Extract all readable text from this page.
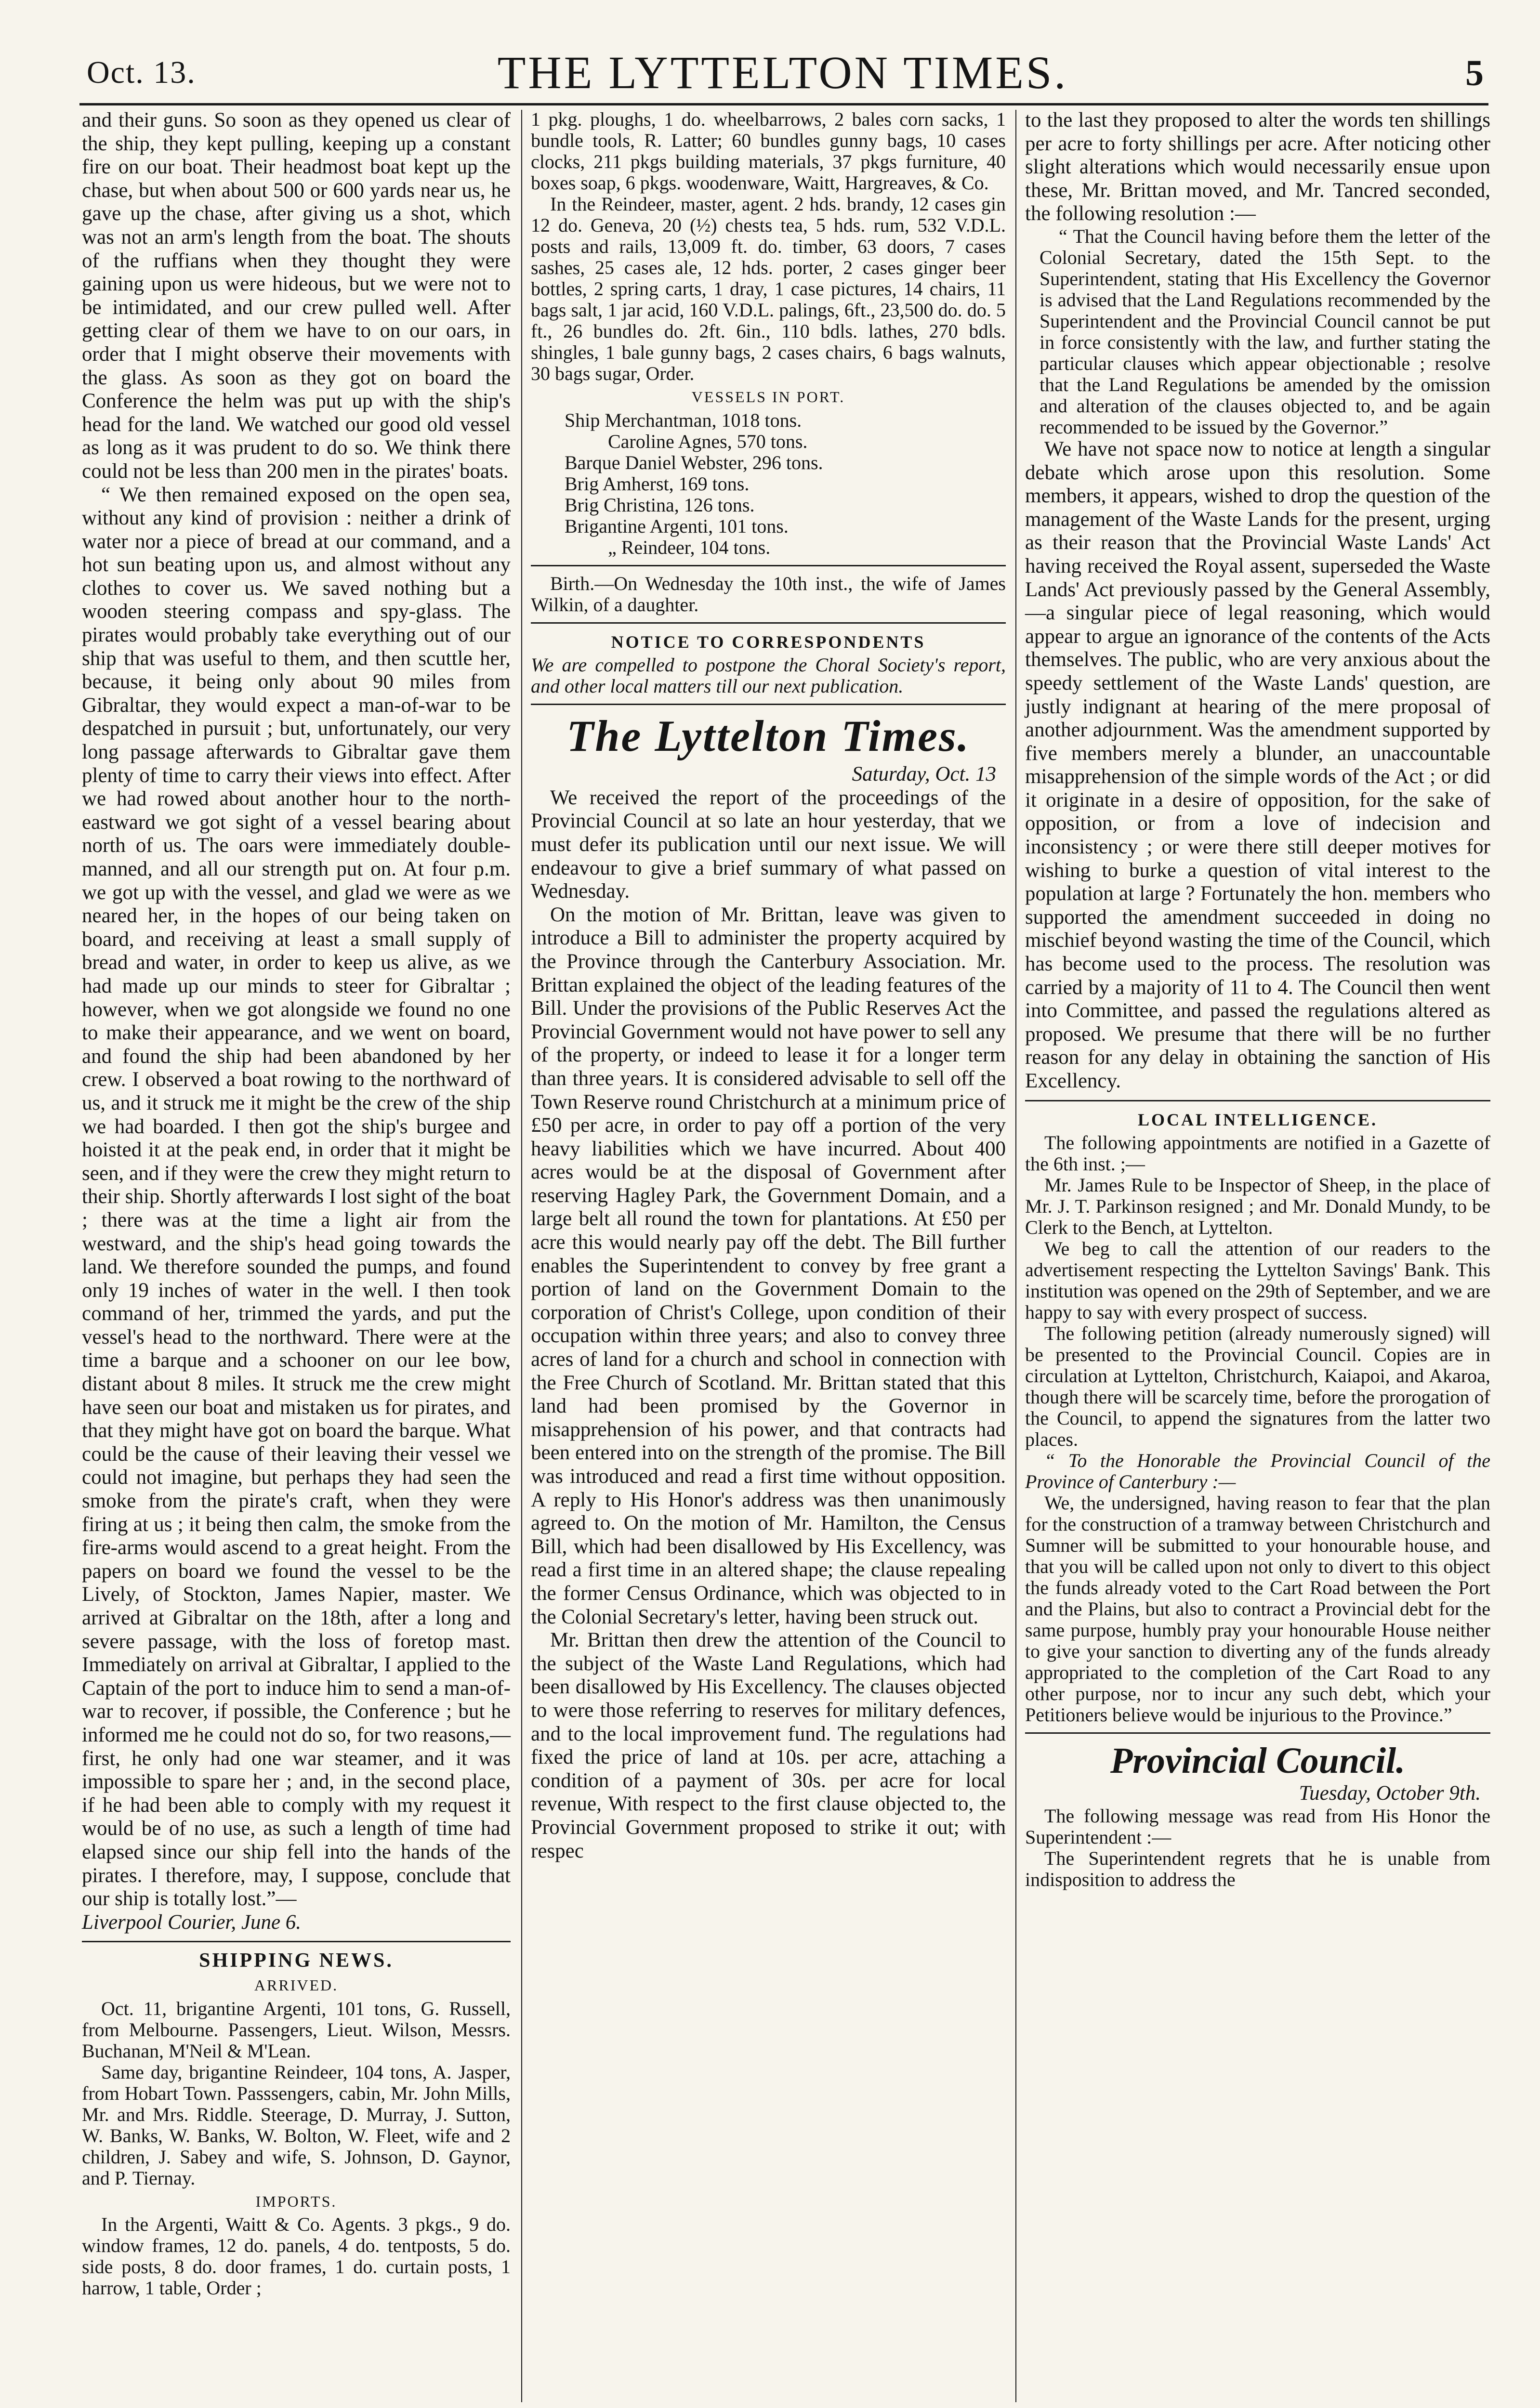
Oct. 13.	THE LYTTELTON TIMES.	5

and their guns. So soon as they opened us clear of the ship, they kept pulling, keeping up a constant fire on our boat. Their headmost boat kept up the chase, but when about 500 or 600 yards near us, he gave up the chase, after giving us a shot, which was not an arm's length from the boat. The shouts of the ruffians when they thought they were gaining upon us were hideous, but we were not to be intimidated, and our crew pulled well. After getting clear of them we have to on our oars, in order that I might observe their movements with the glass. As soon as they got on board the Conference the helm was put up with the ship's head for the land. We watched our good old vessel as long as it was prudent to do so. We think there could not be less than 200 men in the pirates' boats.

“ We then remained exposed on the open sea, without any kind of provision : neither a drink of water nor a piece of bread at our command, and a hot sun beating upon us, and almost without any clothes to cover us. We saved nothing but a wooden steering compass and spy-glass. The pirates would probably take everything out of our ship that was useful to them, and then scuttle her, because, it being only about 90 miles from Gibraltar, they would expect a man-of-war to be despatched in pursuit ; but, unfortunately, our very long passage afterwards to Gibraltar gave them plenty of time to carry their views into effect. After we had rowed about another hour to the north-eastward we got sight of a vessel bearing about north of us. The oars were immediately double-manned, and all our strength put on. At four p.m. we got up with the vessel, and glad we were as we neared her, in the hopes of our being taken on board, and receiving at least a small supply of bread and water, in order to keep us alive, as we had made up our minds to steer for Gibraltar ; however, when we got alongside we found no one to make their appearance, and we went on board, and found the ship had been abandoned by her crew. I observed a boat rowing to the northward of us, and it struck me it might be the crew of the ship we had boarded. I then got the ship's burgee and hoisted it at the peak end, in order that it might be seen, and if they were the crew they might return to their ship. Shortly afterwards I lost sight of the boat ; there was at the time a light air from the westward, and the ship's head going towards the land. We therefore sounded the pumps, and found only 19 inches of water in the well. I then took command of her, trimmed the yards, and put the vessel's head to the northward. There were at the time a barque and a schooner on our lee bow, distant about 8 miles. It struck me the crew might have seen our boat and mistaken us for pirates, and that they might have got on board the barque. What could be the cause of their leaving their vessel we could not imagine, but perhaps they had seen the smoke from the pirate's craft, when they were firing at us ; it being then calm, the smoke from the fire-arms would ascend to a great height. From the papers on board we found the vessel to be the Lively, of Stockton, James Napier, master. We arrived at Gibraltar on the 18th, after a long and severe passage, with the loss of foretop mast. Immediately on arrival at Gibraltar, I applied to the Captain of the port to induce him to send a man-of-war to recover, if possible, the Conference ; but he informed me he could not do so, for two reasons,—first, he only had one war steamer, and it was impossible to spare her ; and, in the second place, if he had been able to comply with my request it would be of no use, as such a length of time had elapsed since our ship fell into the hands of the pirates. I therefore, may, I suppose, conclude that our ship is totally lost.”—

Liverpool Courier, June 6.

SHIPPING NEWS.
ARRIVED.

Oct. 11, brigantine Argenti, 101 tons, G. Russell, from Melbourne. Passengers, Lieut. Wilson, Messrs. Buchanan, M'Neil & M'Lean.

Same day, brigantine Reindeer, 104 tons, A. Jasper, from Hobart Town. Passsengers, cabin, Mr. John Mills, Mr. and Mrs. Riddle. Steerage, D. Murray, J. Sutton, W. Banks, W. Banks, W. Bolton, W. Fleet, wife and 2 children, J. Sabey and wife, S. Johnson, D. Gaynor, and P. Tiernay.

IMPORTS.

In the Argenti, Waitt & Co. Agents. 3 pkgs., 9 do. window frames, 12 do. panels, 4 do. tentposts, 5 do. side posts, 8 do. door frames, 1 do. curtain posts, 1 harrow, 1 table, Order ;

1 pkg. ploughs, 1 do. wheelbarrows, 2 bales corn sacks, 1 bundle tools, R. Latter; 60 bundles gunny bags, 10 cases clocks, 211 pkgs building materials, 37 pkgs furniture, 40 boxes soap, 6 pkgs. woodenware, Waitt, Hargreaves, & Co.

In the Reindeer, master, agent. 2 hds. brandy, 12 cases gin 12 do. Geneva, 20 (½) chests tea, 5 hds. rum, 532 V.D.L. posts and rails, 13,009 ft. do. timber, 63 doors, 7 cases sashes, 25 cases ale, 12 hds. porter, 2 cases ginger beer bottles, 2 spring carts, 1 dray, 1 case pictures, 14 chairs, 11 bags salt, 1 jar acid, 160 V.D.L. palings, 6ft., 23,500 do. do. 5 ft., 26 bundles do. 2ft. 6in., 110 bdls. lathes, 270 bdls. shingles, 1 bale gunny bags, 2 cases chairs, 6 bags walnuts, 30 bags sugar, Order.

VESSELS IN PORT.

Ship Merchantman, 1018 tons.

Caroline Agnes, 570 tons.

Barque Daniel Webster, 296 tons.

Brig Amherst, 169 tons.

Brig Christina, 126 tons.

Brigantine Argenti, 101 tons.

„ Reindeer, 104 tons.

Birth.—On Wednesday the 10th inst., the wife of James Wilkin, of a daughter.

NOTICE TO CORRESPONDENTS

We are compelled to postpone the Choral Society's report, and other local matters till our next publication.

The Lyttelton Times.

Saturday, Oct. 13

We received the report of the proceedings of the Provincial Council at so late an hour yesterday, that we must defer its publication until our next issue. We will endeavour to give a brief summary of what passed on Wednesday.

On the motion of Mr. Brittan, leave was given to introduce a Bill to administer the property acquired by the Province through the Canterbury Association. Mr. Brittan explained the object of the leading features of the Bill. Under the provisions of the Public Reserves Act the Provincial Government would not have power to sell any of the property, or indeed to lease it for a longer term than three years. It is considered advisable to sell off the Town Reserve round Christchurch at a minimum price of £50 per acre, in order to pay off a portion of the very heavy liabilities which we have incurred. About 400 acres would be at the disposal of Government after reserving Hagley Park, the Government Domain, and a large belt all round the town for plantations. At £50 per acre this would nearly pay off the debt. The Bill further enables the Superintendent to convey by free grant a portion of land on the Government Domain to the corporation of Christ's College, upon condition of their occupation within three years; and also to convey three acres of land for a church and school in connection with the Free Church of Scotland. Mr. Brittan stated that this land had been promised by the Governor in misapprehension of his power, and that contracts had been entered into on the strength of the promise. The Bill was introduced and read a first time without opposition. A reply to His Honor's address was then unanimously agreed to. On the motion of Mr. Hamilton, the Census Bill, which had been disallowed by His Excellency, was read a first time in an altered shape; the clause repealing the former Census Ordinance, which was objected to in the Colonial Secretary's letter, having been struck out.

Mr. Brittan then drew the attention of the Council to the subject of the Waste Land Regulations, which had been disallowed by His Excellency. The clauses objected to were those referring to reserves for military defences, and to the local improvement fund. The regulations had fixed the price of land at 10s. per acre, attaching a condition of a payment of 30s. per acre for local revenue, With respect to the first clause objected to, the Provincial Government proposed to strike it out; with respec

to the last they proposed to alter the words ten shillings per acre to forty shillings per acre. After noticing other slight alterations which would necessarily ensue upon these, Mr. Brittan moved, and Mr. Tancred seconded, the following resolution :—

“ That the Council having before them the letter of the Colonial Secretary, dated the 15th Sept. to the Superintendent, stating that His Excellency the Governor is advised that the Land Regulations recommended by the Superintendent and the Provincial Council cannot be put in force consistently with the law, and further stating the particular clauses which appear objectionable ; resolve that the Land Regulations be amended by the omission and alteration of the clauses objected to, and be again recommended to be issued by the Governor.”

We have not space now to notice at length a singular debate which arose upon this resolution. Some members, it appears, wished to drop the question of the management of the Waste Lands for the present, urging as their reason that the Provincial Waste Lands' Act having received the Royal assent, superseded the Waste Lands' Act previously passed by the General Assembly,—a singular piece of legal reasoning, which would appear to argue an ignorance of the contents of the Acts themselves. The public, who are very anxious about the speedy settlement of the Waste Lands' question, are justly indignant at hearing of the mere proposal of another adjournment. Was the amendment supported by five members merely a blunder, an unaccountable misapprehension of the simple words of the Act ; or did it originate in a desire of opposition, for the sake of opposition, or from a love of indecision and inconsistency ; or were there still deeper motives for wishing to burke a question of vital interest to the population at large ? Fortunately the hon. members who supported the amendment succeeded in doing no mischief beyond wasting the time of the Council, which has become used to the process. The resolution was carried by a majority of 11 to 4. The Council then went into Committee, and passed the regulations altered as proposed. We presume that there will be no further reason for any delay in obtaining the sanction of His Excellency.

LOCAL INTELLIGENCE.

The following appointments are notified in a Gazette of the 6th inst. ;—

Mr. James Rule to be Inspector of Sheep, in the place of Mr. J. T. Parkinson resigned ; and Mr. Donald Mundy, to be Clerk to the Bench, at Lyttelton.

We beg to call the attention of our readers to the advertisement respecting the Lyttelton Savings' Bank. This institution was opened on the 29th of September, and we are happy to say with every prospect of success.

The following petition (already numerously signed) will be presented to the Provincial Council. Copies are in circulation at Lyttelton, Christchurch, Kaiapoi, and Akaroa, though there will be scarcely time, before the prorogation of the Council, to append the signatures from the latter two places.

“ To the Honorable the Provincial Council of the Province of Canterbury :—

We, the undersigned, having reason to fear that the plan for the construction of a tramway between Christchurch and Sumner will be submitted to your honourable house, and that you will be called upon not only to divert to this object the funds already voted to the Cart Road between the Port and the Plains, but also to contract a Provincial debt for the same purpose, humbly pray your honourable House neither to give your sanction to diverting any of the funds already appropriated to the completion of the Cart Road to any other purpose, nor to incur any such debt, which your Petitioners believe would be injurious to the Province.”

Provincial Council.

Tuesday, October 9th.

The following message was read from His Honor the Superintendent :—

The Superintendent regrets that he is unable from indisposition to address the
